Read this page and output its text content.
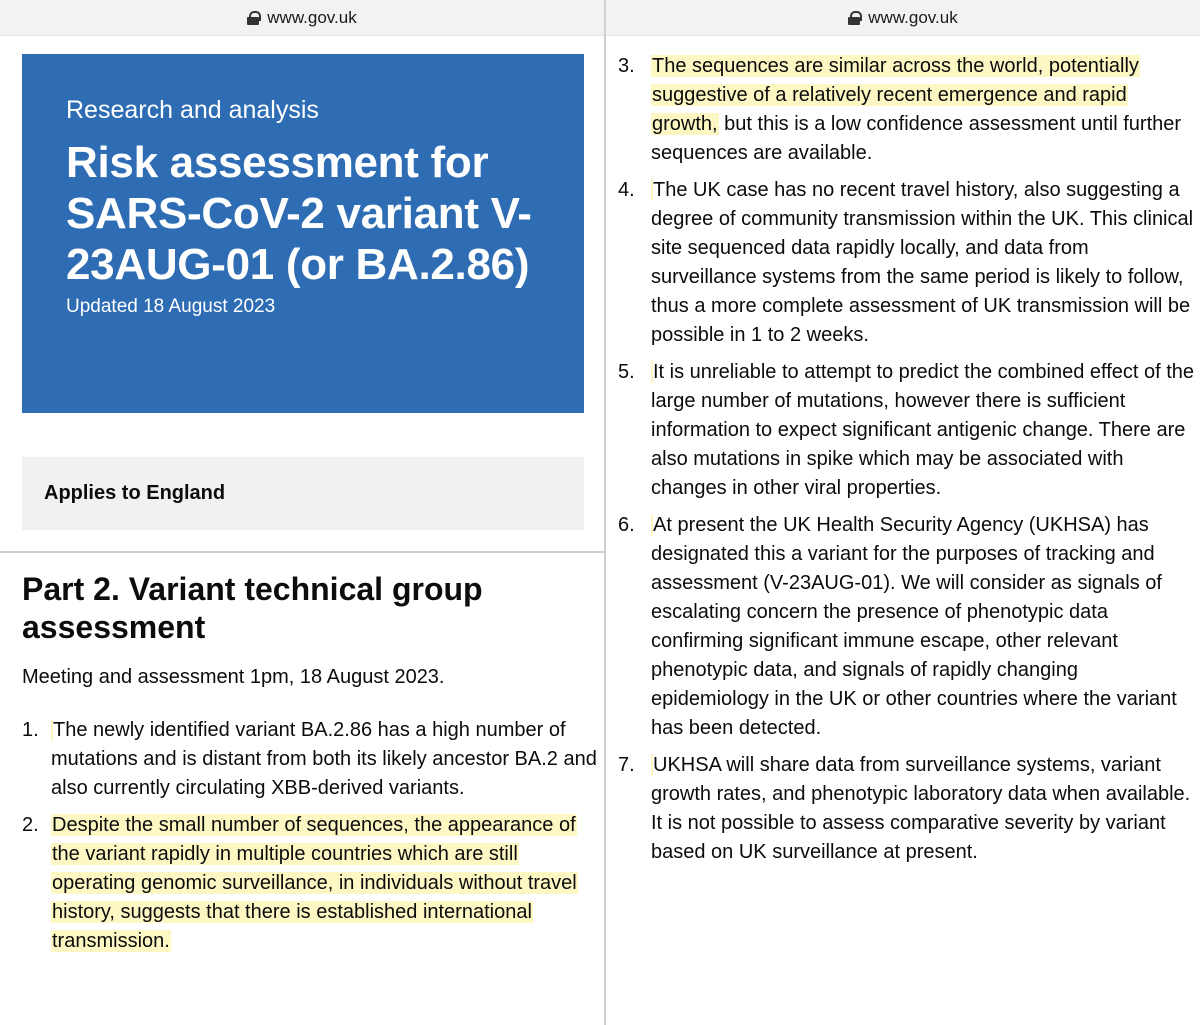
www.gov.uk
Research and analysis
Risk assessment for SARS-CoV-2 variant V-23AUG-01 (or BA.2.86)
Updated 18 August 2023
Applies to England
Part 2. Variant technical group assessment

Meeting and assessment 1pm, 18 August 2023.

1. The newly identified variant BA.2.86 has a high number of mutations and is distant from both its likely ancestor BA.2 and also currently circulating XBB-derived variants.
2. Despite the small number of sequences, the appearance of the variant rapidly in multiple countries which are still operating genomic surveillance, in individuals without travel history, suggests that there is established international transmission.
www.gov.uk
3. The sequences are similar across the world, potentially suggestive of a relatively recent emergence and rapid growth, but this is a low confidence assessment until further sequences are available.
4. The UK case has no recent travel history, also suggesting a degree of community transmission within the UK. This clinical site sequenced data rapidly locally, and data from surveillance systems from the same period is likely to follow, thus a more complete assessment of UK transmission will be possible in 1 to 2 weeks.
5. It is unreliable to attempt to predict the combined effect of the large number of mutations, however there is sufficient information to expect significant antigenic change. There are also mutations in spike which may be associated with changes in other viral properties.
6. At present the UK Health Security Agency (UKHSA) has designated this a variant for the purposes of tracking and assessment (V-23AUG-01). We will consider as signals of escalating concern the presence of phenotypic data confirming significant immune escape, other relevant phenotypic data, and signals of rapidly changing epidemiology in the UK or other countries where the variant has been detected.
7. UKHSA will share data from surveillance systems, variant growth rates, and phenotypic laboratory data when available. It is not possible to assess comparative severity by variant based on UK surveillance at present.
